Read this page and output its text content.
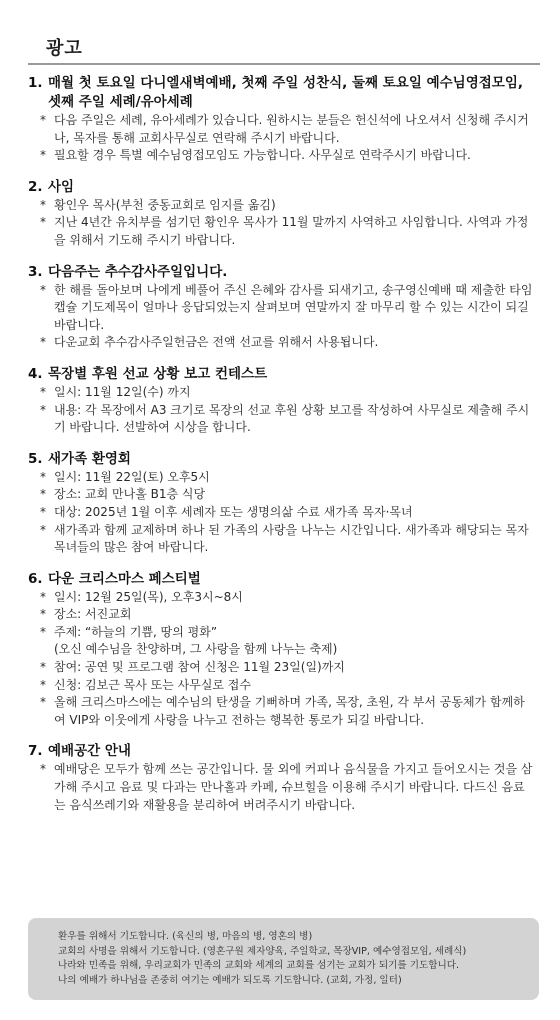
광고
1. 매월 첫 토요일 다니엘새벽예배, 첫째 주일 성찬식, 둘째 토요일 예수님영접모임, 셋째 주일 세례/유아세례
* 다음 주일은 세례, 유아세례가 있습니다. 원하시는 분들은 헌신석에 나오셔서 신청해 주시거나, 목자를 통해 교회사무실로 연락해 주시기 바랍니다.
* 필요할 경우 특별 예수님영접모임도 가능합니다. 사무실로 연락주시기 바랍니다.
2. 사임
* 황인우 목사(부천 중동교회로 임지를 옮김)
* 지난 4년간 유치부를 섬기던 황인우 목사가 11월 말까지 사역하고 사임합니다. 사역과 가정을 위해서 기도해 주시기 바랍니다.
3. 다음주는 추수감사주일입니다.
* 한 해를 돌아보며 나에게 베풀어 주신 은혜와 감사를 되새기고, 송구영신예배 때 제출한 타임캡슐 기도제목이 얼마나 응답되었는지 살펴보며 연말까지 잘 마무리 할 수 있는 시간이 되길 바랍니다.
* 다운교회 추수감사주일헌금은 전액 선교를 위해서 사용됩니다.
4. 목장별 후원 선교 상황 보고 컨테스트
* 일시: 11월 12일(수) 까지
* 내용: 각 목장에서 A3 크기로 목장의 선교 후원 상황 보고를 작성하여 사무실로 제출해 주시기 바랍니다. 선발하여 시상을 합니다.
5. 새가족 환영회
* 일시: 11월 22일(토) 오후5시
* 장소: 교회 만나홀 B1층 식당
* 대상: 2025년 1월 이후 세례자 또는 생명의삶 수료 새가족 목자·목녀
* 새가족과 함께 교제하며 하나 된 가족의 사랑을 나누는 시간입니다. 새가족과 해당되는 목자목녀들의 많은 참여 바랍니다.
6. 다운 크리스마스 페스티벌
* 일시: 12월 25일(목), 오후3시~8시
* 장소: 서진교회
* 주제: “하늘의 기쁨, 땅의 평화”
(오신 예수님을 찬양하며, 그 사랑을 함께 나누는 축제)
* 참여: 공연 및 프로그램 참여 신청은 11월 23일(일)까지
* 신청: 김보근 목사 또는 사무실로 접수
* 올해 크리스마스에는 예수님의 탄생을 기뻐하며 가족, 목장, 초원, 각 부서 공동체가 함께하여 VIP와 이웃에게 사랑을 나누고 전하는 행복한 통로가 되길 바랍니다.
7. 예배공간 안내
* 예배당은 모두가 함께 쓰는 공간입니다. 물 외에 커피나 음식물을 가지고 들어오시는 것을 삼가해 주시고 음료 및 다과는 만나홀과 카페, 슈브힐을 이용해 주시기 바랍니다. 다드신 음료는 음식쓰레기와 재활용을 분리하여 버려주시기 바랍니다.
환우를 위해서 기도합니다. (육신의 병, 마음의 병, 영혼의 병)
교회의 사명을 위해서 기도합니다. (영혼구원 제자양육, 주일학교, 목장VIP, 예수영접모임, 세례식)
나라와 민족을 위해, 우리교회가 민족의 교회와 세계의 교회를 섬기는 교회가 되기를 기도합니다.
나의 예배가 하나님을 존중히 여기는 예배가 되도록 기도합니다. (교회, 가정, 일터)
